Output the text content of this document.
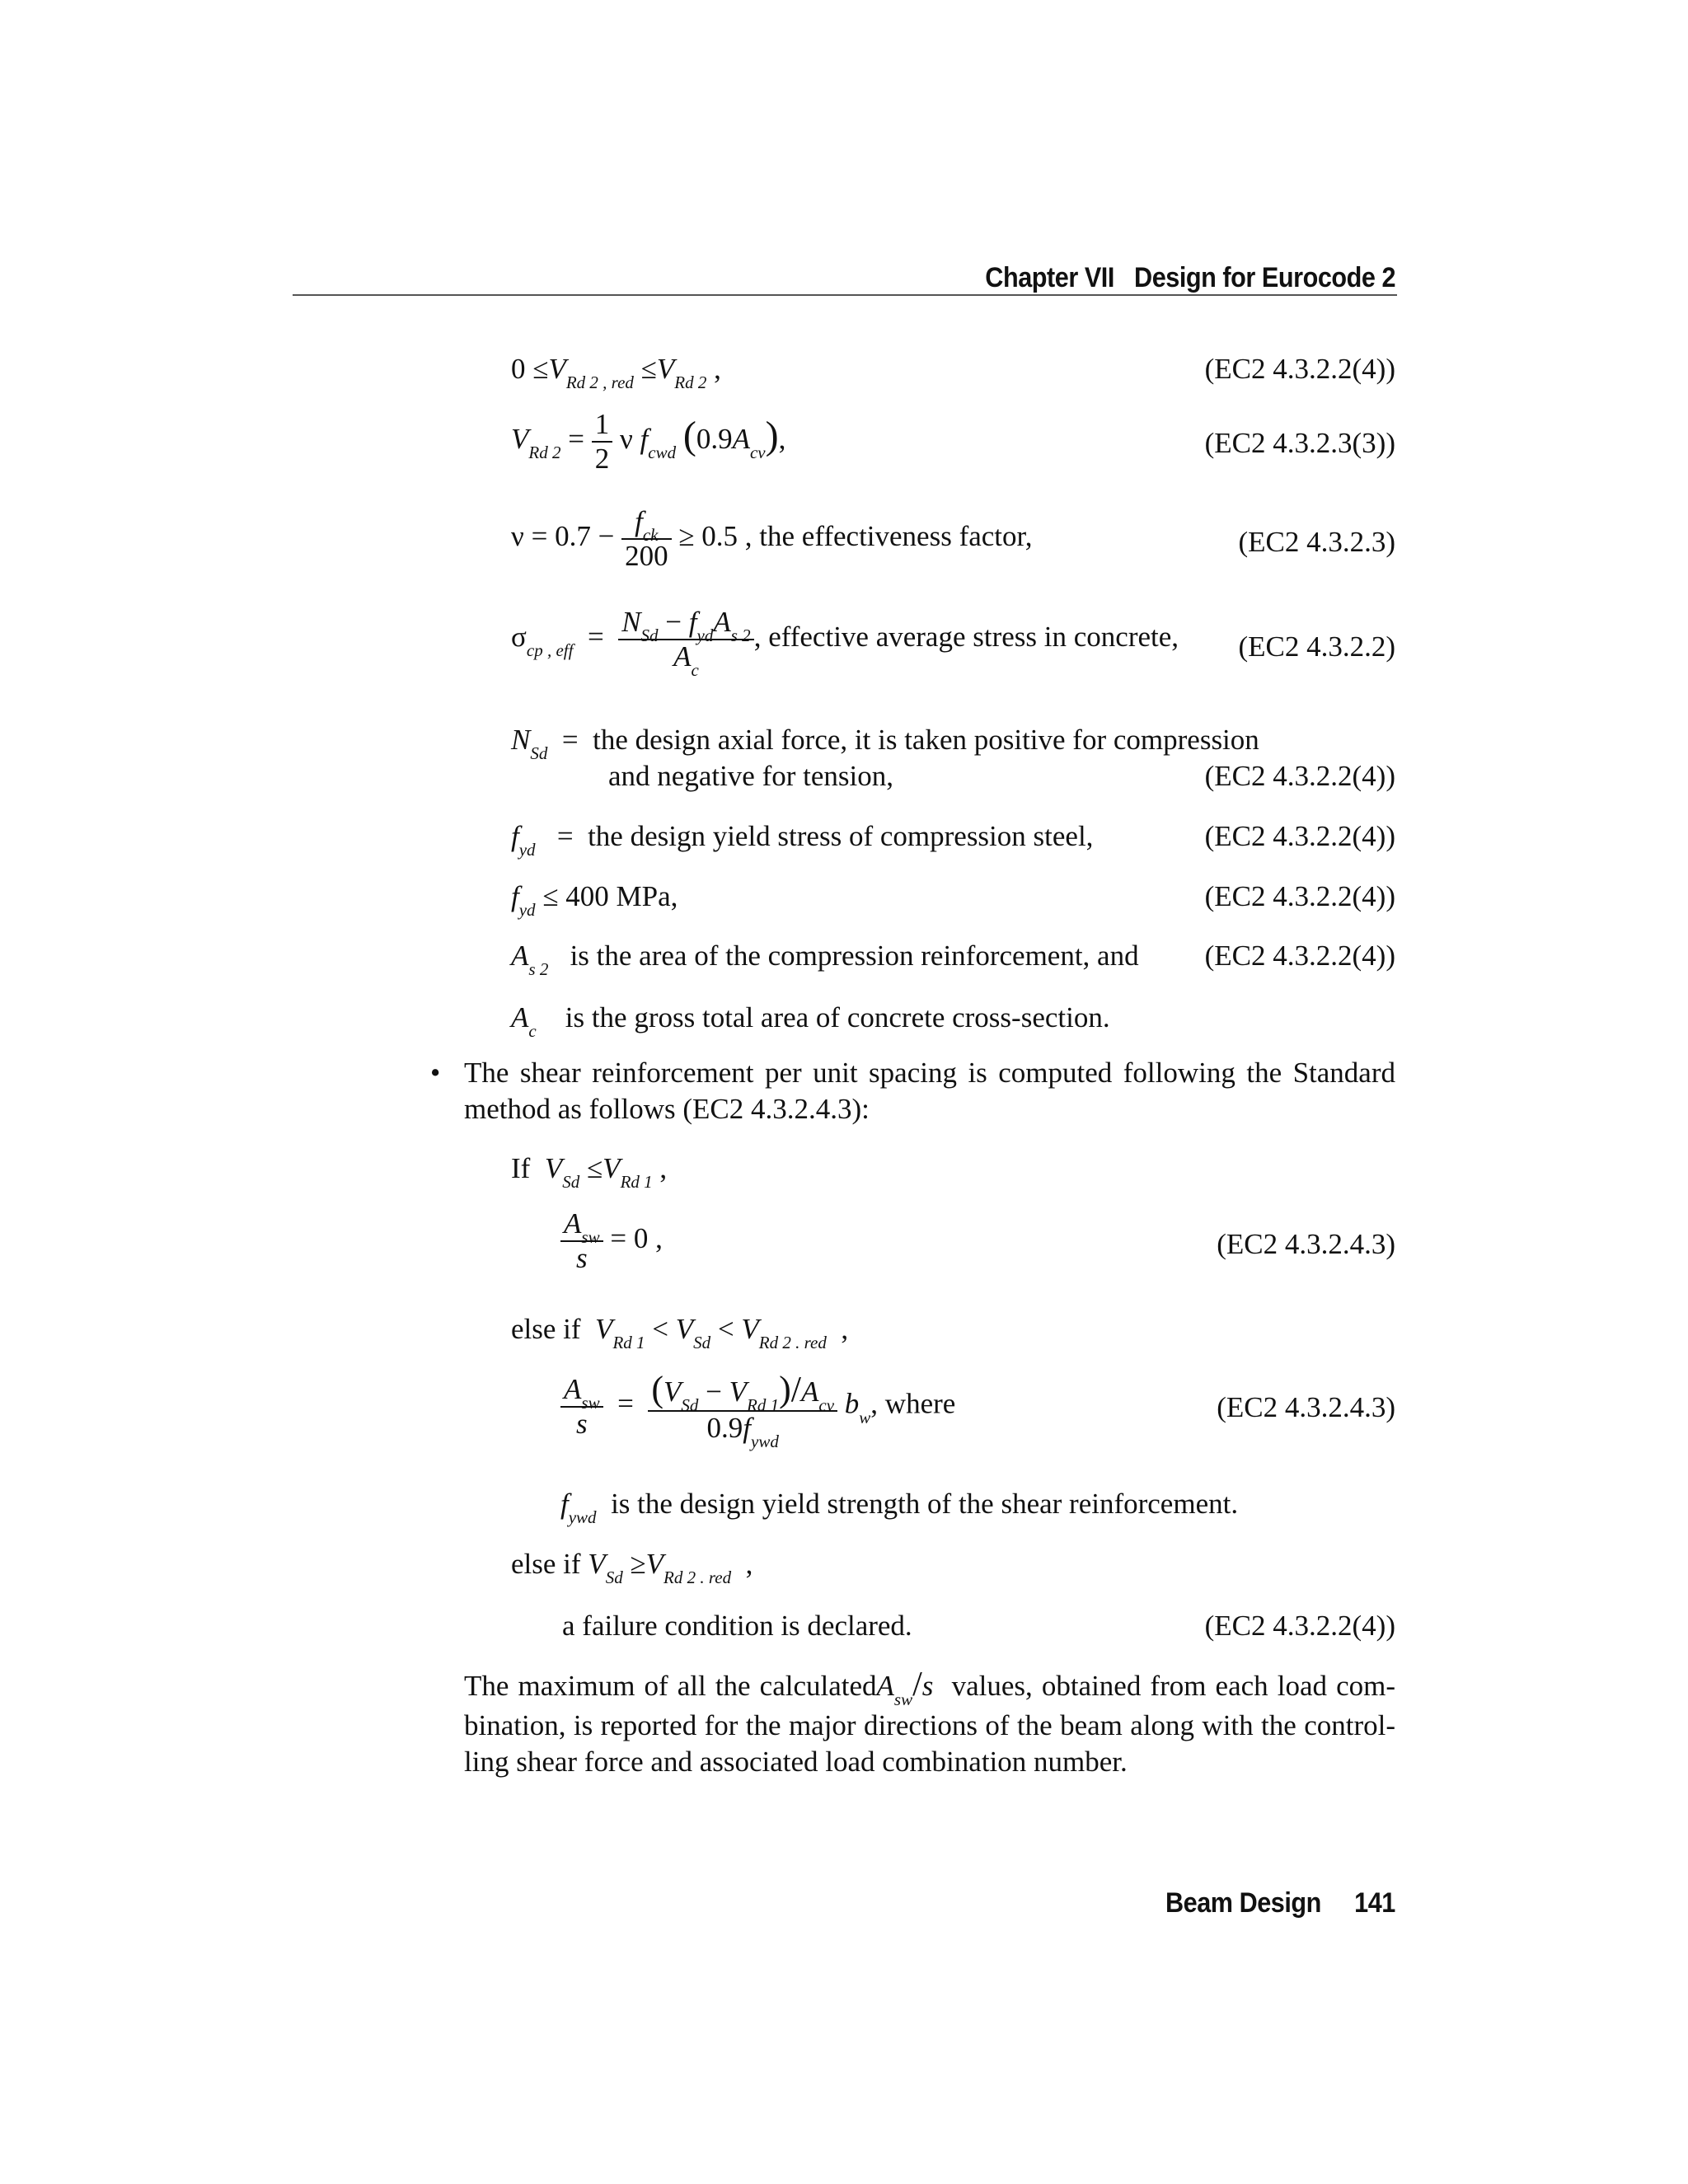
Chapter VII Design for Eurocode 2
$0 \le V_{Rd 2 , red} \le V_{Rd 2}$ ,	(EC2 4.3.2.2(4))
$V_{Rd 2} = \frac{1}{2}$ ν $f_{cwd}$ $(0.9A_{cv})$,	(EC2 4.3.2.3(3))
$\nu = 0.7 - \frac{f_{ck}}{200} \ge 0.5$ , the effectiveness factor,	(EC2 4.3.2.3)
$\sigma_{cp , eff} = \frac{N_{Sd} - f_{yd}A_{s 2}}{A_c}$ , effective average stress in concrete, (EC2 4.3.2.2)
$N_{Sd}$  =  the design axial force, it is taken positive for compression
and negative for tension,	(EC2 4.3.2.2(4))
$f_{yd}$   =  the design yield stress of compression steel,	(EC2 4.3.2.2(4))
$f_{yd} \le 400$ MPa,	(EC2 4.3.2.2(4))
$A_{s 2}$ is the area of the compression reinforcement, and (EC2 4.3.2.2(4))
$A_c$ is the gross total area of concrete cross-section.
• The shear reinforcement per unit spacing is computed following the Standard
method as follows (EC2 4.3.2.4.3):
If $V_{Sd} \le V_{Rd 1}$ ,
$\frac{A_{sw}}{s} = 0$ ,	(EC2 4.3.2.4.3)
else if $V_{Rd 1} < V_{Sd} < V_{Rd 2 . red}$  ,
$\frac{A_{sw}}{s} = \frac{(V_{Sd} - V_{Rd 1})/A_{cv}}{0.9f_{ywd}} b_w$, where	(EC2 4.3.2.4.3)
$f_{ywd}$ is the design yield strength of the shear reinforcement.
else if $V_{Sd} \ge V_{Rd 2 . red}$  ,
a failure condition is declared.	(EC2 4.3.2.2(4))
The maximum of all the calculatedA$_{sw}$/s values, obtained from each load com-
bination, is reported for the major directions of the beam along with the control-
ling shear force and associated load combination number.
Beam Design 141
